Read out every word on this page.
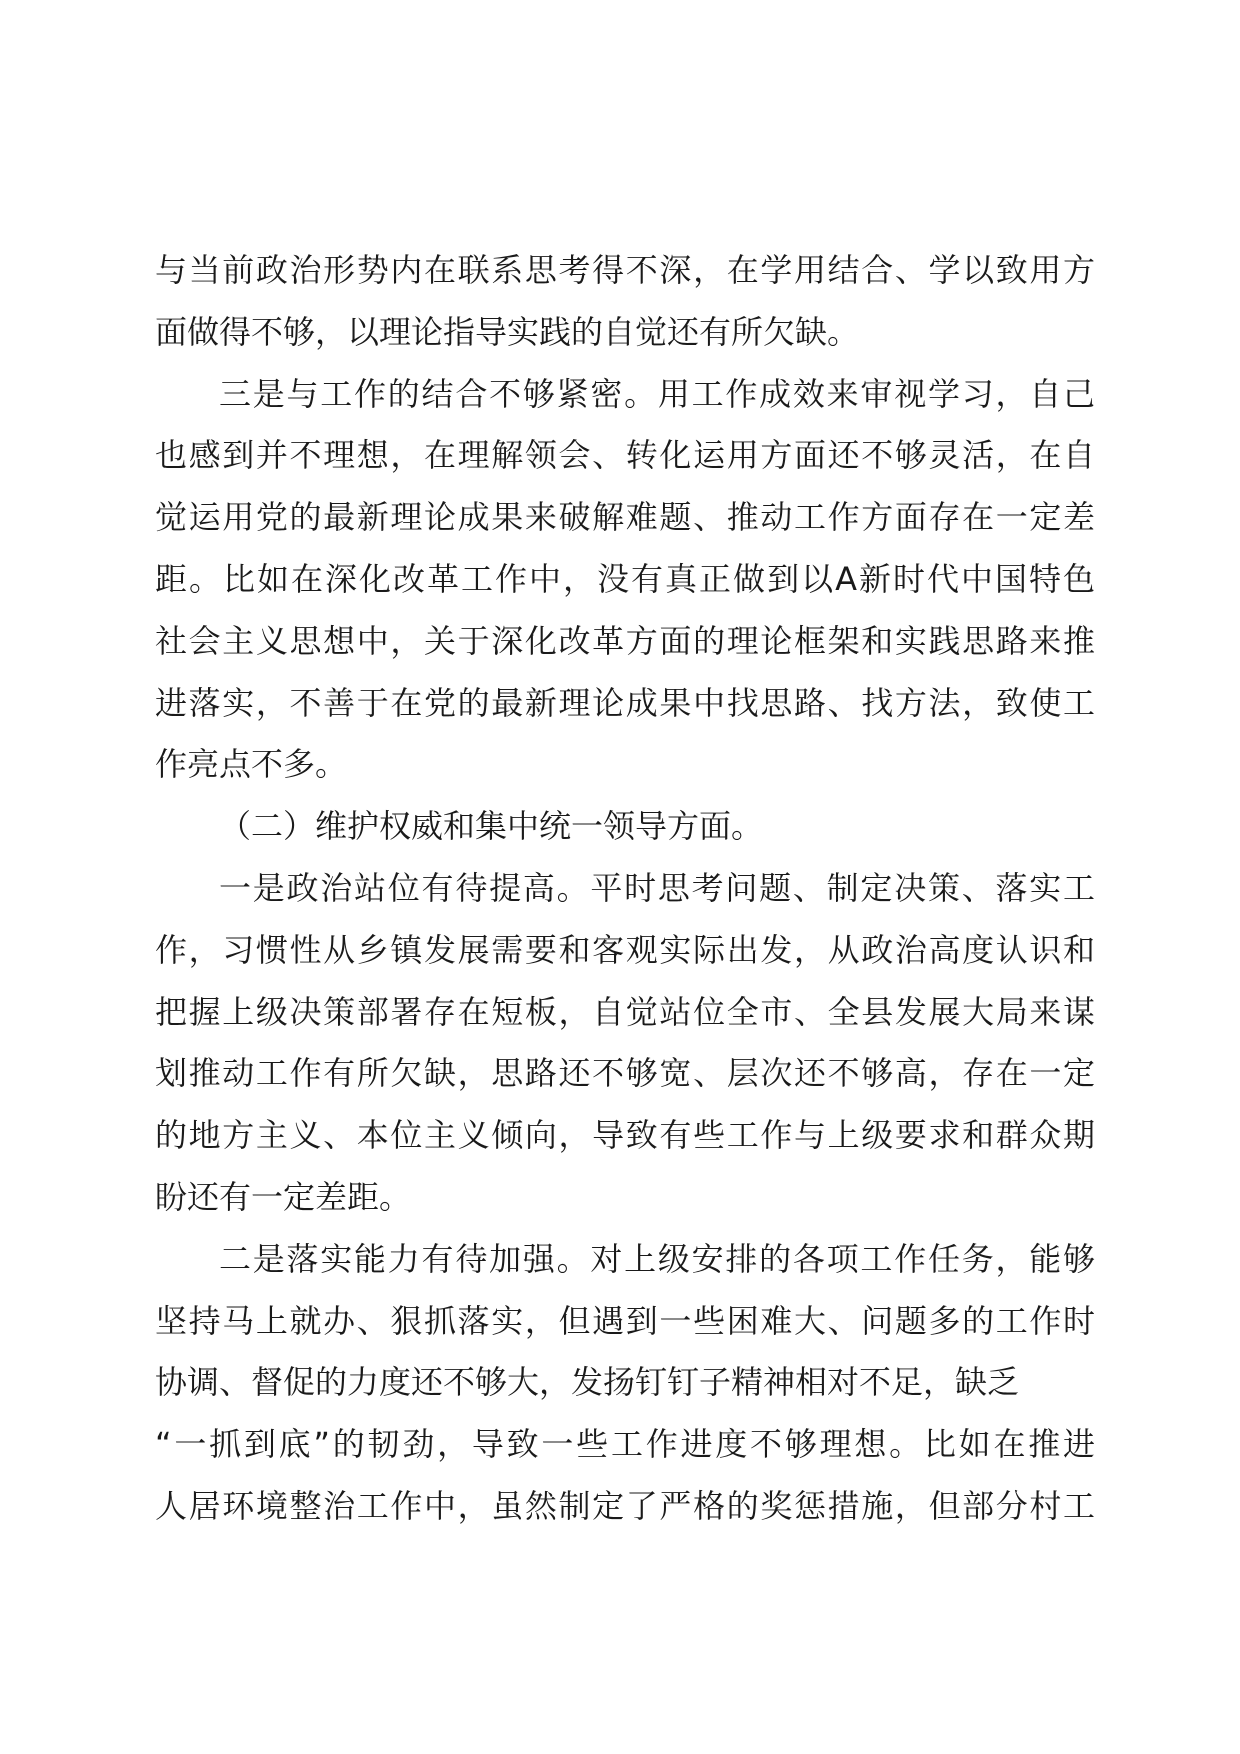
与当前政治形势内在联系思考得不深，在学用结合、学以致用方
面做得不够，以理论指导实践的自觉还有所欠缺。
三是与工作的结合不够紧密。用工作成效来审视学习，自己
也感到并不理想，在理解领会、转化运用方面还不够灵活，在自
觉运用党的最新理论成果来破解难题、推动工作方面存在一定差
距。比如在深化改革工作中，没有真正做到以A新时代中国特色
社会主义思想中，关于深化改革方面的理论框架和实践思路来推
进落实，不善于在党的最新理论成果中找思路、找方法，致使工
作亮点不多。
（二）维护权威和集中统一领导方面。
一是政治站位有待提高。平时思考问题、制定决策、落实工
作，习惯性从乡镇发展需要和客观实际出发，从政治高度认识和
把握上级决策部署存在短板，自觉站位全市、全县发展大局来谋
划推动工作有所欠缺，思路还不够宽、层次还不够高，存在一定
的地方主义、本位主义倾向，导致有些工作与上级要求和群众期
盼还有一定差距。
二是落实能力有待加强。对上级安排的各项工作任务，能够
坚持马上就办、狠抓落实，但遇到一些困难大、问题多的工作时
协调、督促的力度还不够大，发扬钉钉子精神相对不足，缺乏
“一抓到底”的韧劲，导致一些工作进度不够理想。比如在推进
人居环境整治工作中，虽然制定了严格的奖惩措施，但部分村工
